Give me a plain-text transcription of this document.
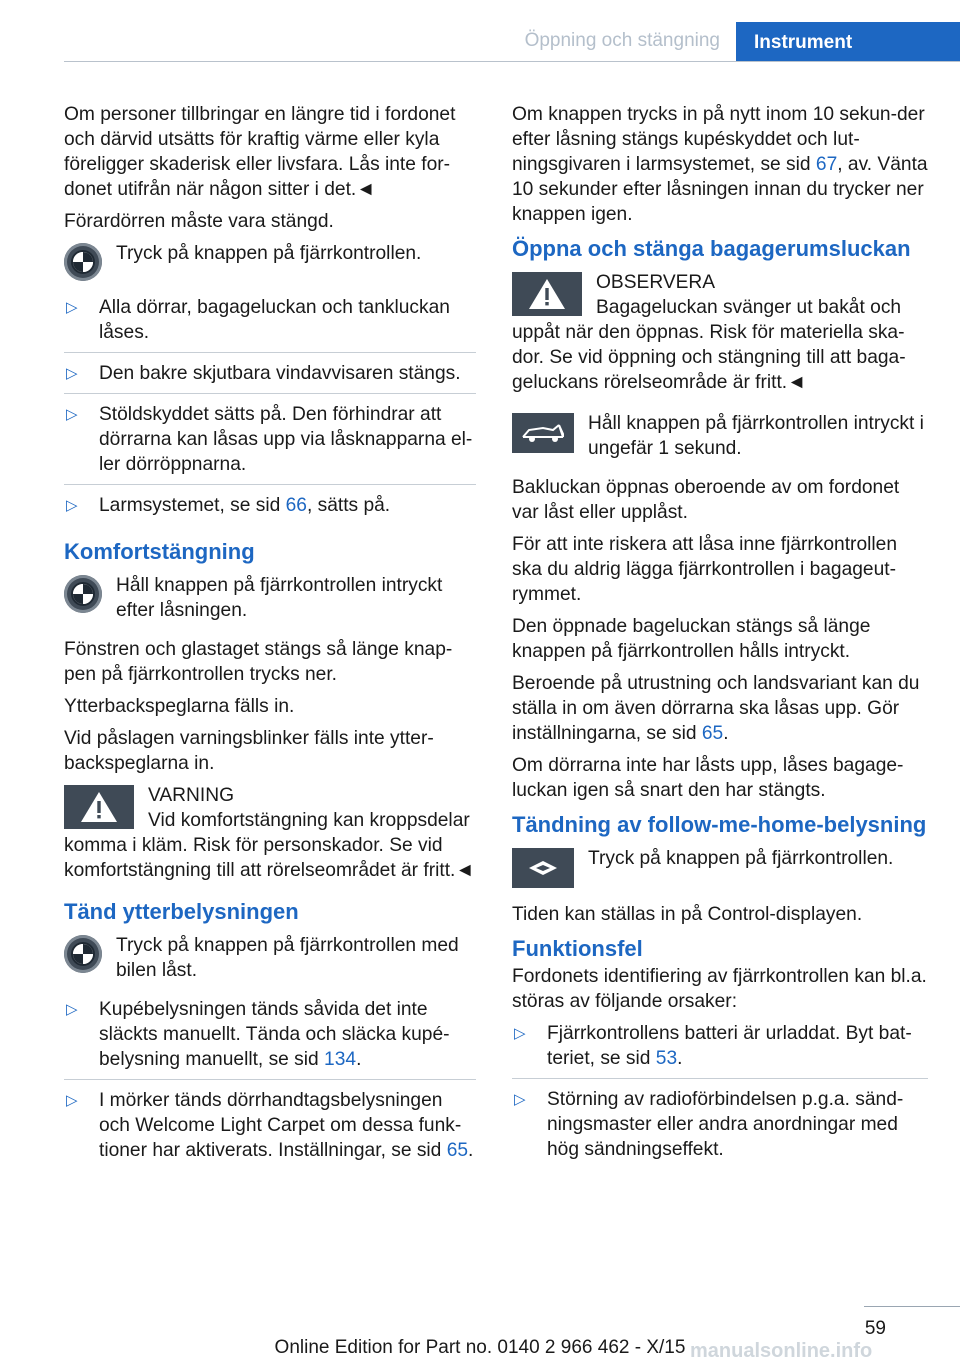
Öppning och stängning	Instrument

Om personer tillbringar en längre tid i fordonet och därvid utsätts för kraftig värme eller kyla föreligger skaderisk eller livsfara. Lås inte for-donet utifrån när någon sitter i det.◄

Förardörren måste vara stängd.

Tryck på knappen på fjärrkontrollen.
▷ Alla dörrar, bagageluckan och tankluckan låses.
▷ Den bakre skjutbara vindavvisaren stängs.
▷ Stöldskyddet sätts på. Den förhindrar att dörrarna kan låsas upp via låsknapparna el-ler dörröppnarna.
▷ Larmsystemet, se sid 66, sätts på.
Komfortstängning
Håll knappen på fjärrkontrollen intryckt efter låsningen.

Fönstren och glastaget stängs så länge knap-pen på fjärrkontrollen trycks ner.

Ytterbackspeglarna fälls in.

Vid påslagen varningsblinker fälls inte ytter-backspeglarna in.

VARNING
Vid komfortstängning kan kroppsdelar komma i kläm. Risk för personskador. Se vid komfortstängning till att rörelseområdet är fritt.◄
Tänd ytterbelysningen
Tryck på knappen på fjärrkontrollen med bilen låst.
▷ Kupébelysningen tänds såvida det inte släckts manuellt. Tända och släcka kupé-belysning manuellt, se sid 134.
▷ I mörker tänds dörrhandtagsbelysningen och Welcome Light Carpet om dessa funk-tioner har aktiverats. Inställningar, se sid 65.

Om knappen trycks in på nytt inom 10 sekun-der efter låsning stängs kupéskyddet och lut-ningsgivaren i larmsystemet, se sid 67, av. Vänta 10 sekunder efter låsningen innan du trycker ner knappen igen.

Öppna och stänga bagagerumsluckan
OBSERVERA
Bagageluckan svänger ut bakåt och uppåt när den öppnas. Risk för materiella ska-dor. Se vid öppning och stängning till att baga-geluckans rörelseområde är fritt.◄
Håll knappen på fjärrkontrollen intryckt i ungefär 1 sekund.

Bakluckan öppnas oberoende av om fordonet var låst eller upplåst.

För att inte riskera att låsa inne fjärrkontrollen ska du aldrig lägga fjärrkontrollen i bagageut-rymmet.

Den öppnade bageluckan stängs så länge knappen på fjärrkontrollen hålls intryckt.

Beroende på utrustning och landsvariant kan du ställa in om även dörrarna ska låsas upp. Gör inställningarna, se sid 65.

Om dörrarna inte har låsts upp, låses bagage-luckan igen så snart den har stängts.

Tändning av follow-me-home-belysning
Tryck på knappen på fjärrkontrollen.

Tiden kan ställas in på Control-displayen.

Funktionsfel

Fordonets identifiering av fjärrkontrollen kan bl.a. störas av följande orsaker:

▷ Fjärrkontrollens batteri är urladdat. Byt bat-teriet, se sid 53.
▷ Störning av radioförbindelsen p.g.a. sänd-ningsmaster eller andra anordningar med hög sändningseffekt.
59
Online Edition for Part no. 0140 2 966 462 - X/15 manualsonline.info
